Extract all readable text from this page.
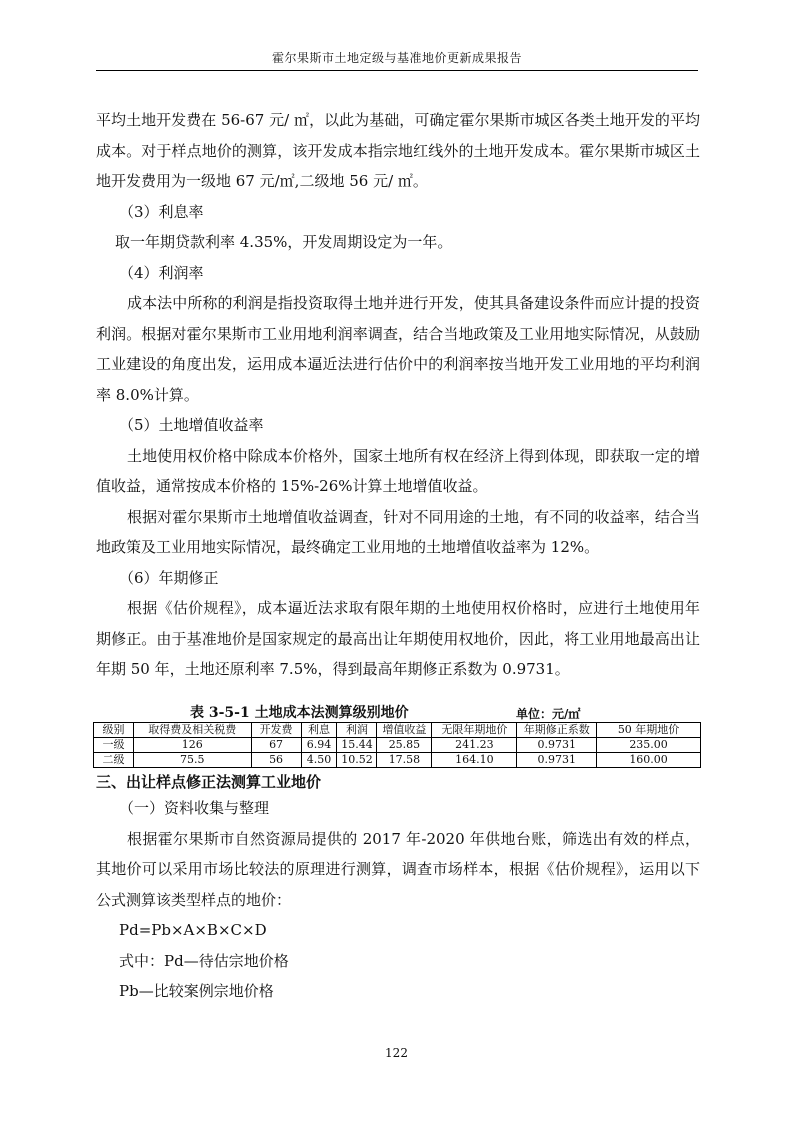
霍尔果斯市土地定级与基准地价更新成果报告

平均土地开发费在 56-67 元/ ㎡，以此为基础，可确定霍尔果斯市城区各类土地开发的平均成本。对于样点地价的测算，该开发成本指宗地红线外的土地开发成本。霍尔果斯市城区土地开发费用为一级地 67 元/㎡,二级地 56 元/ ㎡。

（3）利息率

取一年期贷款利率 4.35%，开发周期设定为一年。

（4）利润率

成本法中所称的利润是指投资取得土地并进行开发，使其具备建设条件而应计提的投资利润。根据对霍尔果斯市工业用地利润率调查，结合当地政策及工业用地实际情况，从鼓励工业建设的角度出发，运用成本逼近法进行估价中的利润率按当地开发工业用地的平均利润率 8.0%计算。

（5）土地增值收益率

土地使用权价格中除成本价格外，国家土地所有权在经济上得到体现，即获取一定的增值收益，通常按成本价格的 15%-26%计算土地增值收益。

根据对霍尔果斯市土地增值收益调查，针对不同用途的土地，有不同的收益率，结合当地政策及工业用地实际情况，最终确定工业用地的土地增值收益率为 12%。

（6）年期修正

根据《估价规程》，成本逼近法求取有限年期的土地使用权价格时，应进行土地使用年期修正。由于基准地价是国家规定的最高出让年期使用权地价，因此，将工业用地最高出让年期 50 年，土地还原利率 7.5%，得到最高年期修正系数为 0.9731。

表 3-5-1 土地成本法测算级别地价	单位：元/㎡
级别	取得费及相关税费	开发费	利息	利润	增值收益	无限年期地价	年期修正系数	50 年期地价
一级	126	67	6.94	15.44	25.85	241.23	0.9731	235.00
二级	75.5	56	4.50	10.52	17.58	164.10	0.9731	160.00
三、出让样点修正法测算工业地价

（一）资料收集与整理

根据霍尔果斯市自然资源局提供的 2017 年-2020 年供地台账，筛选出有效的样点，其地价可以采用市场比较法的原理进行测算，调查市场样本，根据《估价规程》，运用以下公式测算该类型样点的地价：

Pd=Pb×A×B×C×D

式中：Pd—待估宗地价格

Pb—比较案例宗地价格

122
